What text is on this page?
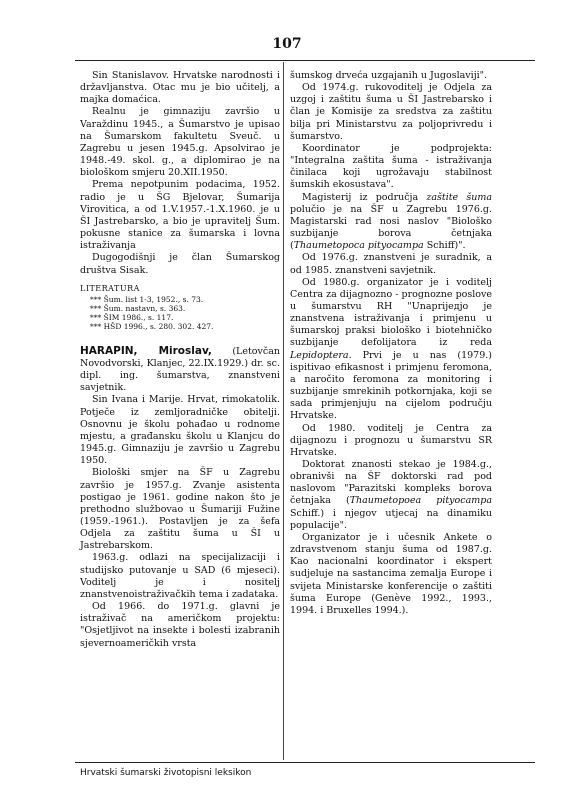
107

Sin Stanislavov. Hrvatske narodnosti i državljanstva. Otac mu je bio učitelj, a majka domaćica.

Realnu je gimnaziju završio u Varaždinu 1945., a Šumarstvo je upisao na Šumarskom fakultetu Sveuč. u Zagrebu u jesen 1945.g. Apsolvirao je 1948.-49. skol. g., a diplomirao je na biološkom smjeru 20.XII.1950.

Prema nepotpunim podacima, 1952. radio je u ŠG Bjelovar, Šumarija Virovitica, a od 1.V.1957.-1.X.1960. je u ŠI Jastrebarsko, a bio je upravitelj Šum. pokusne stanice za šumarska i lovna istraživanja

Dugogodišnji je član Šumarskog društva Sisak.

LITERATURA

*** Šum. list 1-3, 1952., s. 73.

*** Šum. nastavn, s. 363.

*** ŠIM 1986., s. 117.

*** HŠD 1996., s. 280. 302. 427.

HARAPIN, Miroslav, (Letovčan Novodvorski, Klanjec, 22.IX.1929.) dr. sc. dipl. ing. šumarstva, znanstveni savjetnik.

Sin Ivana i Marije. Hrvat, rimokatolik. Potječe iz zemljoradničke obitelji. Osnovnu je školu pohađao u rodnome mjestu, a građansku školu u Klanjcu do 1945.g. Gimnaziju je završio u Zagrebu 1950.

Biološki smjer na ŠF u Zagrebu završio je 1957.g. Zvanje asistenta postigao je 1961. godine nakon što je prethodno službovao u Šumariji Fužine (1959.-1961.). Postavljen je za šefa Odjela za zaštitu šuma u ŠI u Jastrebarskom.

1963.g. odlazi na specijalizaciji i studijsko putovanje u SAD (6 mjeseci). Voditelj je i nositelj znanstvenoistraživačkih tema i zadataka.

Od 1966. do 1971.g. glavni je istraživač na američkom projektu: "Osjetljivot na insekte i bolesti izabranih sjevernoameričkih vrsta

šumskog drveća uzgajanih u Jugoslaviji".

Od 1974.g. rukovoditelj je Odjela za uzgoj i zaštitu šuma u ŠI Jastrebarsko i član je Komisije za sredstva za zaštitu bilja pri Ministarstvu za poljoprivredu i šumarstvo.

Koordinator je podprojekta: "Integralna zaštita šuma - istraživanja činilaca koji ugrožavaju stabilnost šumskih ekosustava".

Magisterij iz područja zaštite šuma polučio je na ŠF u Zagrebu 1976.g. Magistarski rad nosi naslov "Biološko suzbijanje borova četnjaka (Thaumetopoca pityocampa Schiff)".

Od 1976.g. znanstveni je suradnik, a od 1985. znanstveni savjetnik.

Od 1980.g. organizator je i voditelj Centra za dijagnozno - prognozne poslove u šumarstvu RH "Unapriједјо je znanstvena istraživanja i primjenu u šumarskoj praksi biološko i biotehničko suzbijanje defolijatora iz reda Lepidoptera. Prvi je u nas (1979.) ispitivao efikasnost i primjenu feromona, a naročito feromona za monitoring i suzbijanje smrekinih potkornjaka, koji se sada primjenjuju na cijelom području Hrvatske.

Od 1980. voditelj je Centra za dijagnozu i prognozu u šumarstvu SR Hrvatske.

Doktorat znanosti stekao je 1984.g., obranivši na ŠF doktorski rad pod naslovom "Parazitski kompleks borova četnjaka (Thaumetopoea pityocampa Schiff.) i njegov utjecaj na dinamiku populacije".

Organizator je i učesnik Ankete o zdravstvenom stanju šuma od 1987.g. Kao nacionalni koordinator i ekspert sudjeluje na sastancima zemalja Europe i svijeta Ministarske konferencije o zaštiti šuma Europe (Genève 1992., 1993., 1994. i Bruxelles 1994.).

Hrvatski šumarski životopisni leksikon
